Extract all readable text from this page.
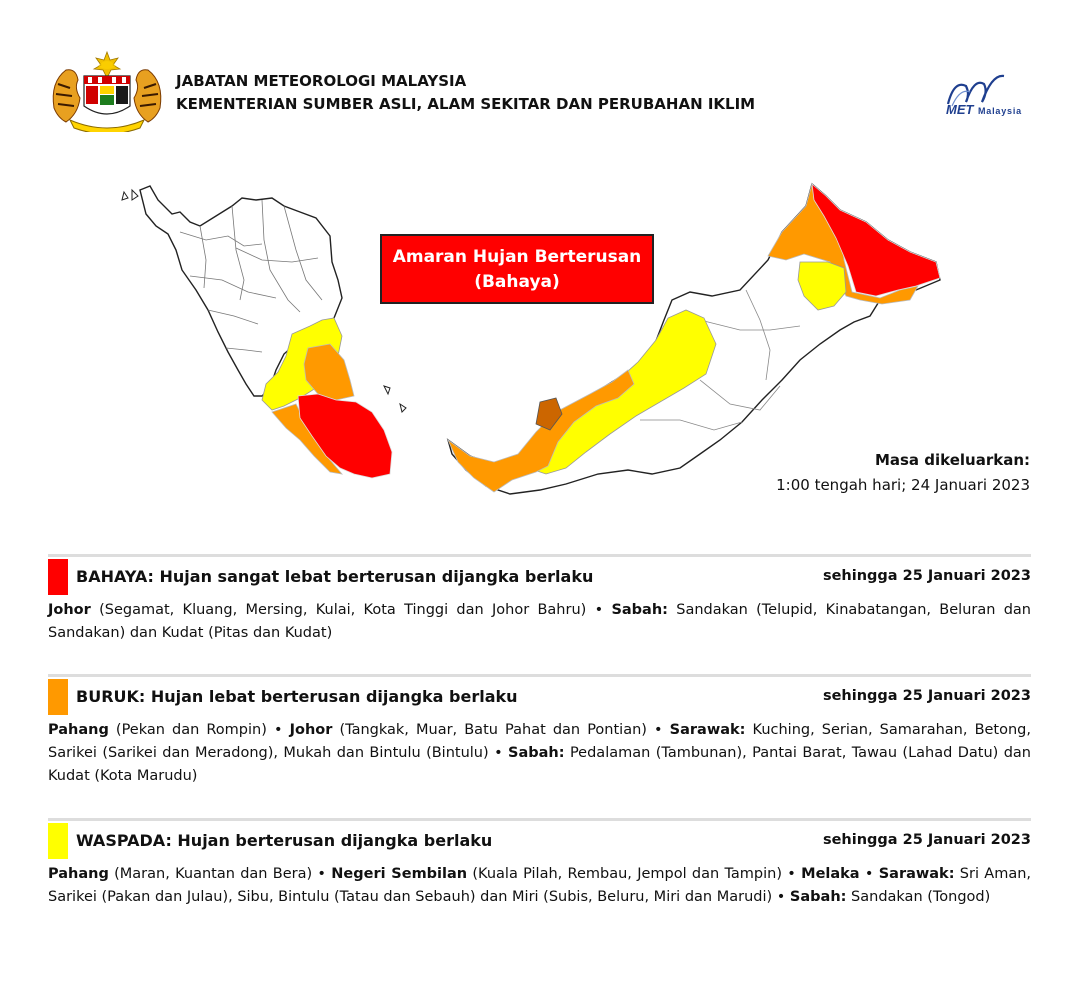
JABATAN METEOROLOGI MALAYSIA
KEMENTERIAN SUMBER ASLI, ALAM SEKITAR DAN PERUBAHAN IKLIM	MET Malaysia
Amaran Hujan Berterusan
(Bahaya)
Masa dikeluarkan:
1:00 tengah hari; 24 Januari 2023
BAHAYA: Hujan sangat lebat berterusan dijangka berlaku	sehingga 25 Januari 2023
Johor (Segamat, Kluang, Mersing, Kulai, Kota Tinggi dan Johor Bahru) • Sabah: Sandakan (Telupid, Kinabatangan, Beluran dan Sandakan) dan Kudat (Pitas dan Kudat)
BURUK: Hujan lebat berterusan dijangka berlaku	sehingga 25 Januari 2023
Pahang (Pekan dan Rompin) • Johor (Tangkak, Muar, Batu Pahat dan Pontian) • Sarawak: Kuching, Serian, Samarahan, Betong, Sarikei (Sarikei dan Meradong), Mukah dan Bintulu (Bintulu) • Sabah: Pedalaman (Tambunan), Pantai Barat, Tawau (Lahad Datu) dan Kudat (Kota Marudu)
WASPADA: Hujan berterusan dijangka berlaku	sehingga 25 Januari 2023
Pahang (Maran, Kuantan dan Bera) • Negeri Sembilan (Kuala Pilah, Rembau, Jempol dan Tampin) • Melaka • Sarawak: Sri Aman, Sarikei (Pakan dan Julau), Sibu, Bintulu (Tatau dan Sebauh) dan Miri (Subis, Beluru, Miri dan Marudi) • Sabah: Sandakan (Tongod)
